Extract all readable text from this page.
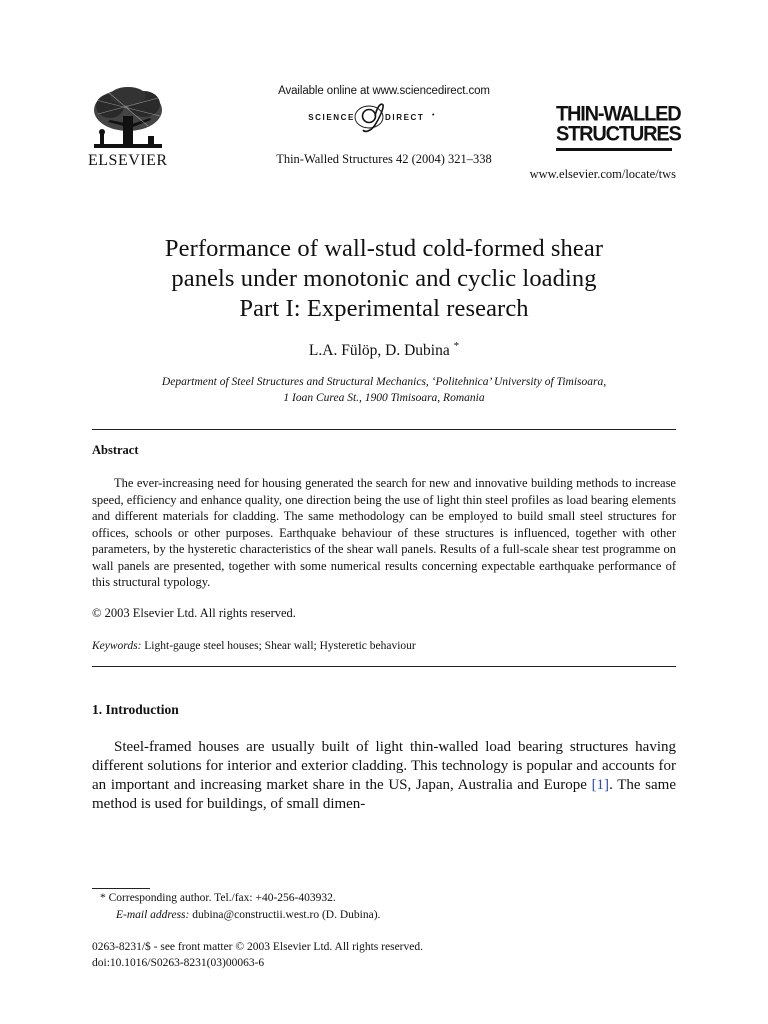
ELSEVIER
Available online at www.sciencedirect.com
SCIENCE	DIRECT •
Thin-Walled Structures 42 (2004) 321–338
THIN-WALLED
STRUCTURES
www.elsevier.com/locate/tws
Performance of wall-stud cold-formed shear
panels under monotonic and cyclic loading
Part I: Experimental research
L.A. Fülöp, D. Dubina *
Department of Steel Structures and Structural Mechanics, ‘Politehnica’ University of Timisoara,
1 Ioan Curea St., 1900 Timisoara, Romania
Abstract
The ever-increasing need for housing generated the search for new and innovative building methods to increase speed, efficiency and enhance quality, one direction being the use of light thin steel profiles as load bearing elements and different materials for cladding. The same methodology can be employed to build small steel structures for offices, schools or other purposes. Earthquake behaviour of these structures is influenced, together with other parameters, by the hysteretic characteristics of the shear wall panels. Results of a full-scale shear test programme on wall panels are presented, together with some numerical results concerning expectable earthquake performance of this structural typology.
© 2003 Elsevier Ltd. All rights reserved.
Keywords: Light-gauge steel houses; Shear wall; Hysteretic behaviour
1. Introduction
Steel-framed houses are usually built of light thin-walled load bearing structures having different solutions for interior and exterior cladding. This technology is popular and accounts for an important and increasing market share in the US, Japan, Australia and Europe [1]. The same method is used for buildings, of small dimen-
* Corresponding author. Tel./fax: +40-256-403932.
E-mail address: dubina@constructii.west.ro (D. Dubina).
0263-8231/$ - see front matter © 2003 Elsevier Ltd. All rights reserved.
doi:10.1016/S0263-8231(03)00063-6
